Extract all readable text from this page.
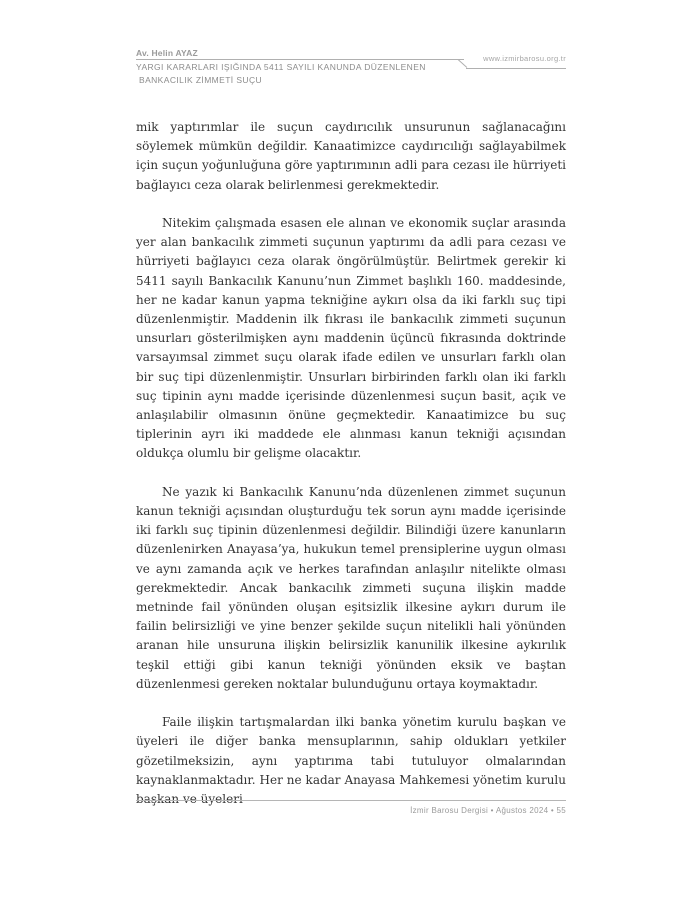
Av. Helin AYAZ
www.izmirbarosu.org.tr
YARGI KARARLARI IŞIĞINDA 5411 SAYILI KANUNDA DÜZENLENEN
BANKACILIK ZİMMETİ SUÇU

mik yaptırımlar ile suçun caydırıcılık unsurunun sağlanacağını söylemek mümkün değildir. Kanaatimizce caydırıcılığı sağlayabilmek için suçun yoğunluğuna göre yaptırımının adli para cezası ile hürriyeti bağlayıcı ceza olarak belirlenmesi gerekmektedir.

Nitekim çalışmada esasen ele alınan ve ekonomik suçlar arasında yer alan bankacılık zimmeti suçunun yaptırımı da adli para cezası ve hürriyeti bağlayıcı ceza olarak öngörülmüştür. Belirtmek gerekir ki 5411 sayılı Bankacılık Kanunu’nun Zimmet başlıklı 160. maddesinde, her ne kadar kanun yapma tekniğine aykırı olsa da iki farklı suç tipi düzenlenmiştir. Maddenin ilk fıkrası ile bankacılık zimmeti suçunun unsurları gösterilmişken aynı maddenin üçüncü fıkrasında doktrinde varsayımsal zimmet suçu olarak ifade edilen ve unsurları farklı olan bir suç tipi düzenlenmiştir. Unsurları birbirinden farklı olan iki farklı suç tipinin aynı madde içerisinde düzenlenmesi suçun basit, açık ve anlaşılabilir olmasının önüne geçmektedir. Kanaatimizce bu suç tiplerinin ayrı iki maddede ele alınması kanun tekniği açısından oldukça olumlu bir gelişme olacaktır.

Ne yazık ki Bankacılık Kanunu’nda düzenlenen zimmet suçunun kanun tekniği açısından oluşturduğu tek sorun aynı madde içerisinde iki farklı suç tipinin düzenlenmesi değildir. Bilindiği üzere kanunların düzenlenirken Anayasa’ya, hukukun temel prensiplerine uygun olması ve aynı zamanda açık ve herkes tarafından anlaşılır nitelikte olması gerekmektedir. Ancak bankacılık zimmeti suçuna ilişkin madde metninde fail yönünden oluşan eşitsizlik ilkesine aykırı durum ile failin belirsizliği ve yine benzer şekilde suçun nitelikli hali yönünden aranan hile unsuruna ilişkin belirsizlik kanunilik ilkesine aykırılık teşkil ettiği gibi kanun tekniği yönünden eksik ve baştan düzenlenmesi gereken noktalar bulunduğunu ortaya koymaktadır.

Faile ilişkin tartışmalardan ilki banka yönetim kurulu başkan ve üyeleri ile diğer banka mensuplarının, sahip oldukları yetkiler gözetilmeksizin, aynı yaptırıma tabi tutuluyor olmalarından kaynaklanmaktadır. Her ne kadar Anayasa Mahkemesi yönetim kurulu başkan ve üyeleri

İzmir Barosu Dergisi • Ağustos 2024 • 55
